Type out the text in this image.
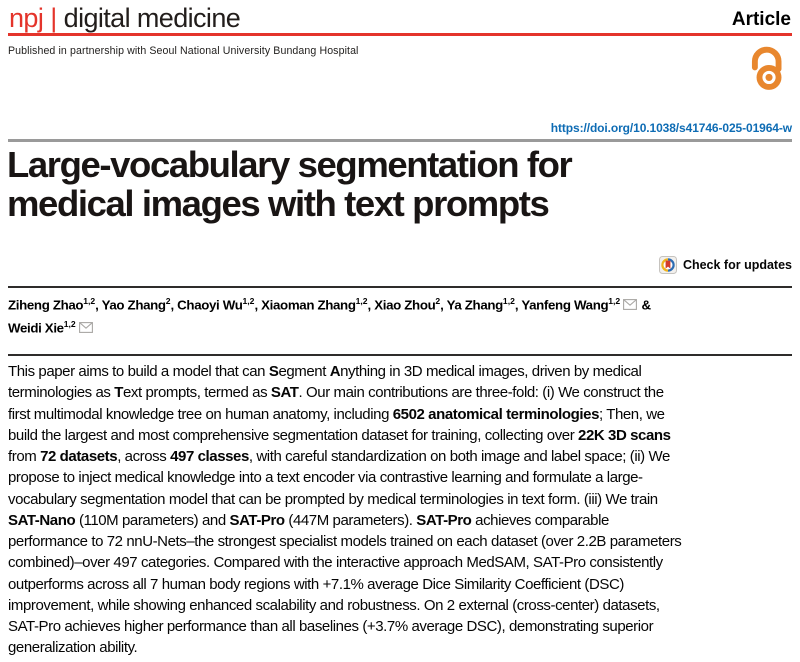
npj | digital medicine	Article
Published in partnership with Seoul National University Bundang Hospital
https://doi.org/10.1038/s41746-025-01964-w
Large-vocabulary segmentation for
medical images with text prompts
Check for updates
Ziheng Zhao$^{1,2}$, Yao Zhang$^2$, Chaoyi Wu$^{1,2}$, Xiaoman Zhang$^{1,2}$, Xiao Zhou$^2$, Ya Zhang$^{1,2}$, Yanfeng Wang$^{1,2}$ &
Weidi Xie$^{1,2}$

This paper aims to build a model that can Segment Anything in 3D medical images, driven by medical terminologies as Text prompts, termed as SAT. Our main contributions are three-fold: (i) We construct the first multimodal knowledge tree on human anatomy, including 6502 anatomical terminologies; Then, we build the largest and most comprehensive segmentation dataset for training, collecting over 22K 3D scans from 72 datasets, across 497 classes, with careful standardization on both image and label space; (ii) We propose to inject medical knowledge into a text encoder via contrastive learning and formulate a large-vocabulary segmentation model that can be prompted by medical terminologies in text form. (iii) We train SAT-Nano (110M parameters) and SAT-Pro (447M parameters). SAT-Pro achieves comparable performance to 72 nnU-Nets–the strongest specialist models trained on each dataset (over 2.2B parameters combined)–over 497 categories. Compared with the interactive approach MedSAM, SAT-Pro consistently outperforms across all 7 human body regions with +7.1% average Dice Similarity Coefficient (DSC) improvement, while showing enhanced scalability and robustness. On 2 external (cross-center) datasets, SAT-Pro achieves higher performance than all baselines (+3.7% average DSC), demonstrating superior generalization ability.
